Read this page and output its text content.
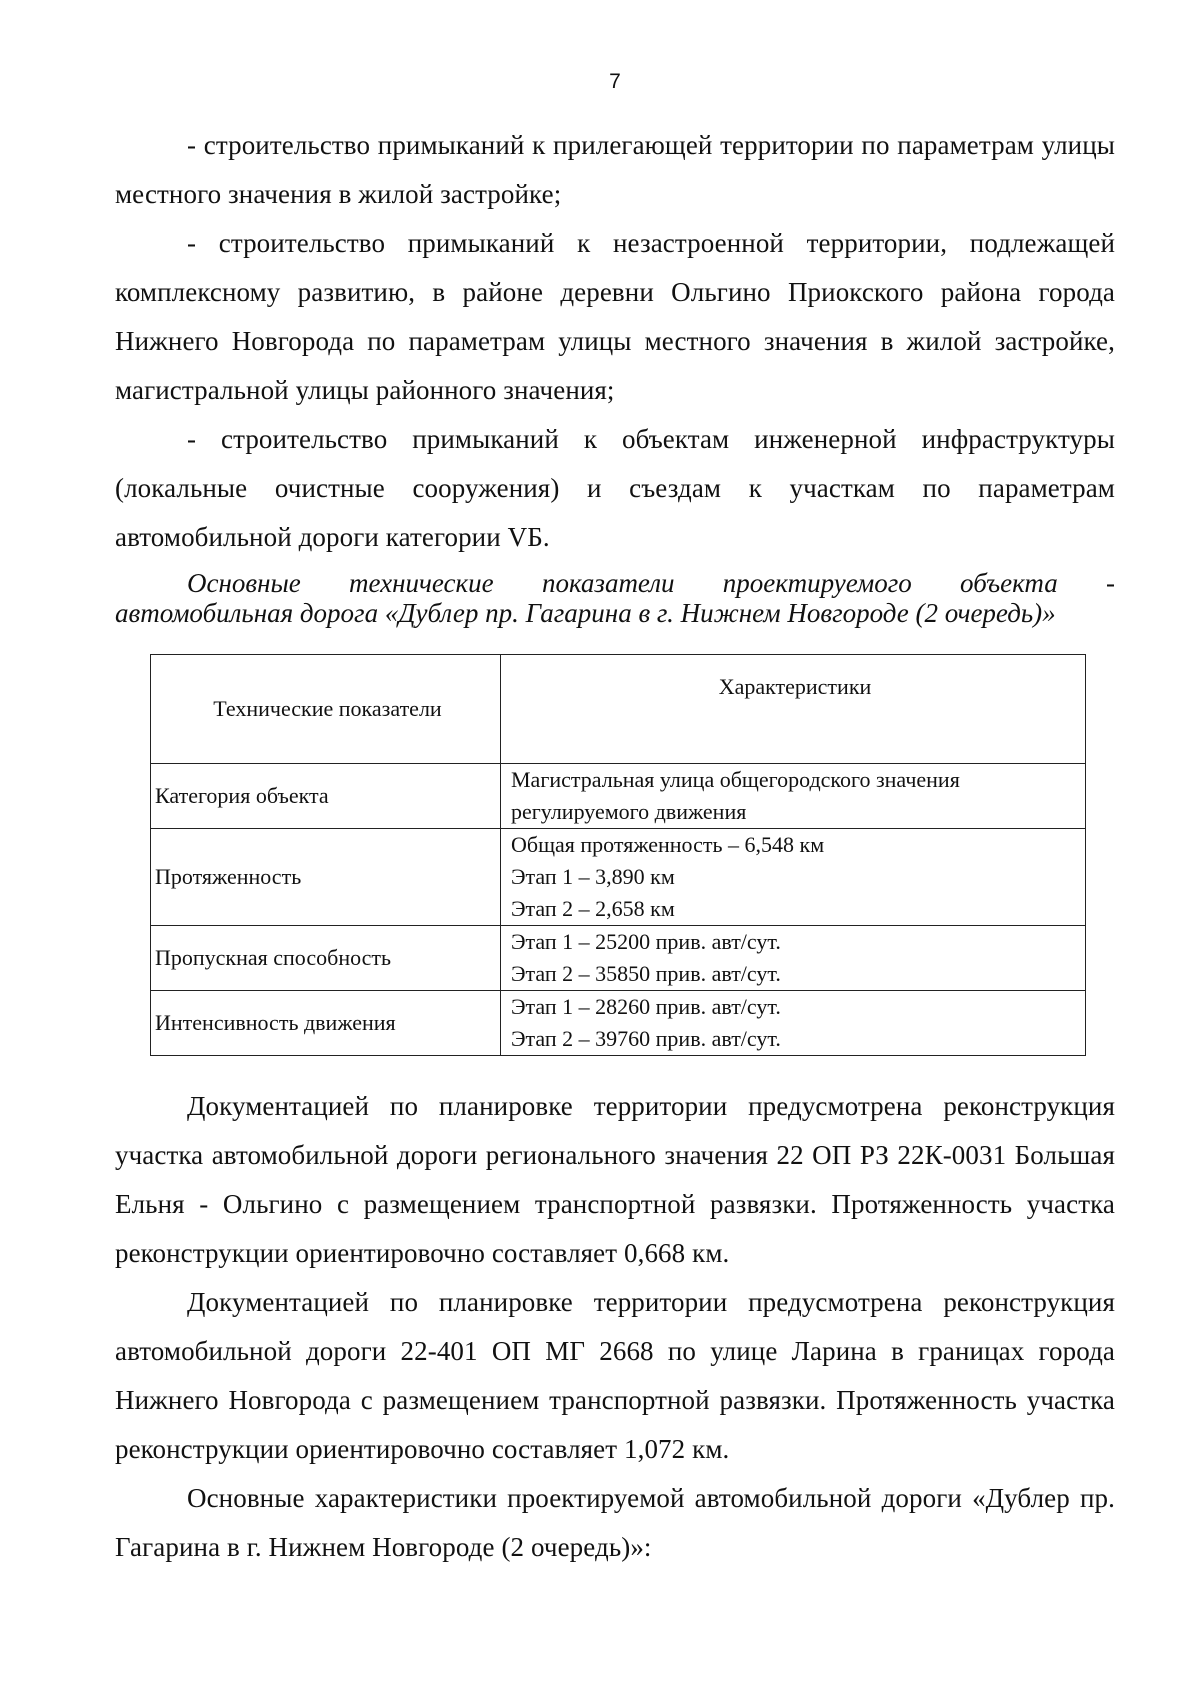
7

- строительство примыканий к прилегающей территории по параметрам улицы местного значения в жилой застройке;

- строительство примыканий к незастроенной территории, подлежащей комплексному развитию, в районе деревни Ольгино Приокского района города Нижнего Новгорода по параметрам улицы местного значения в жилой застройке, магистральной улицы районного значения;

- строительство примыканий к объектам инженерной инфраструктуры (локальные очистные сооружения) и съездам к участкам по параметрам автомобильной дороги категории VБ.

Основные технические показатели проектируемого объекта -
автомобильная дорога «Дублер пр. Гагарина в г. Нижнем Новгороде (2 очередь)»
Технические показатели	Характеристики
Категория объекта	Магистральная улица общегородского значения
регулируемого движения

Протяженность	Общая протяженность – 6,548 км
Этап 1 – 3,890 км
Этап 2 – 2,658 км

Пропускная способность	Этап 1 – 25200 прив. авт/сут.
Этап 2 – 35850 прив. авт/сут.

Интенсивность движения	Этап 1 – 28260 прив. авт/сут.
Этап 2 – 39760 прив. авт/сут.

Документацией по планировке территории предусмотрена реконструкция участка автомобильной дороги регионального значения 22 ОП РЗ 22К-0031 Большая Ельня - Ольгино с размещением транспортной развязки. Протяженность участка реконструкции ориентировочно составляет 0,668 км.

Документацией по планировке территории предусмотрена реконструкция автомобильной дороги 22-401 ОП МГ 2668 по улице Ларина в границах города Нижнего Новгорода с размещением транспортной развязки. Протяженность участка реконструкции ориентировочно составляет 1,072 км.

Основные характеристики проектируемой автомобильной дороги «Дублер пр. Гагарина в г. Нижнем Новгороде (2 очередь)»:
